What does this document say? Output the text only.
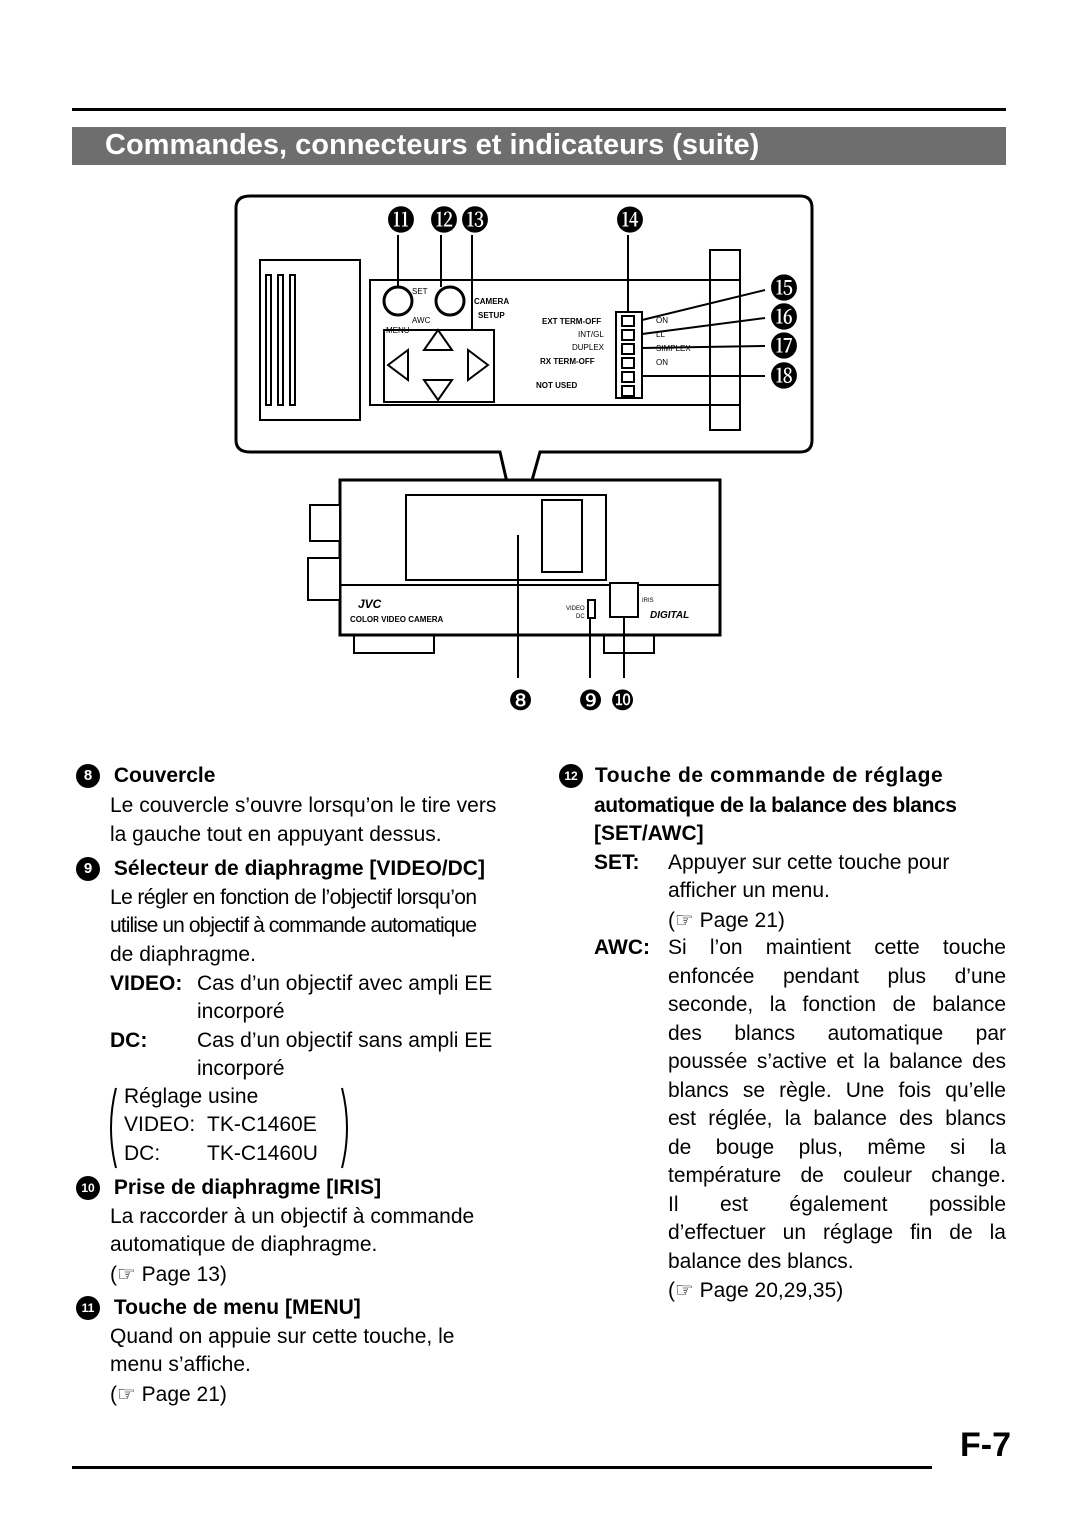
Commandes, connecteurs et indicateurs (suite)
SET
AWC
MENU
CAMERA
SETUP
EXT TERM-OFF
INT/GL
DUPLEX
RX TERM-OFF
NOT USED
ON
LL
SIMPLEX
ON
⓫ ⓬ ⓭	⓮
⓯
⓰
⓱
⓲
JVC
COLOR VIDEO CAMERA
VIDEO
DC
IRIS
DIGITAL
❽ ❾ ❿
8 Couvercle
Le couvercle s’ouvre lorsqu’on le tire vers
la gauche tout en appuyant dessus.
9 Sélecteur de diaphragme [VIDEO/DC]
Le régler en fonction de l’objectif lorsqu’on
utilise un objectif à commande automatique
de diaphragme.
VIDEO: Cas d’un objectif avec ampli EE
incorporé
DC: Cas d’un objectif sans ampli EE
incorporé
Réglage usine
VIDEO: TK-C1460E
DC: TK-C1460U
10 Prise de diaphragme [IRIS]
La raccorder à un objectif à commande
automatique de diaphragme.
(☞ Page 13)
11 Touche de menu [MENU]
Quand on appuie sur cette touche, le
menu s’affiche.
(☞ Page 21)
12 Touche de commande de réglage
automatique de la balance des blancs
[SET/AWC]
SET: Appuyer sur cette touche pour
afficher un menu.
(☞ Page 21)
AWC: Si l’on maintient cette touche
enfoncée pendant plus d’une
seconde, la fonction de balance
des blancs automatique par
poussée s’active et la balance des
blancs se règle. Une fois qu’elle
est réglée, la balance des blancs
de bouge plus, même si la
température de couleur change.
Il est également possible
d’effectuer un réglage fin de la
balance des blancs.
(☞ Page 20,29,35)
F-7
